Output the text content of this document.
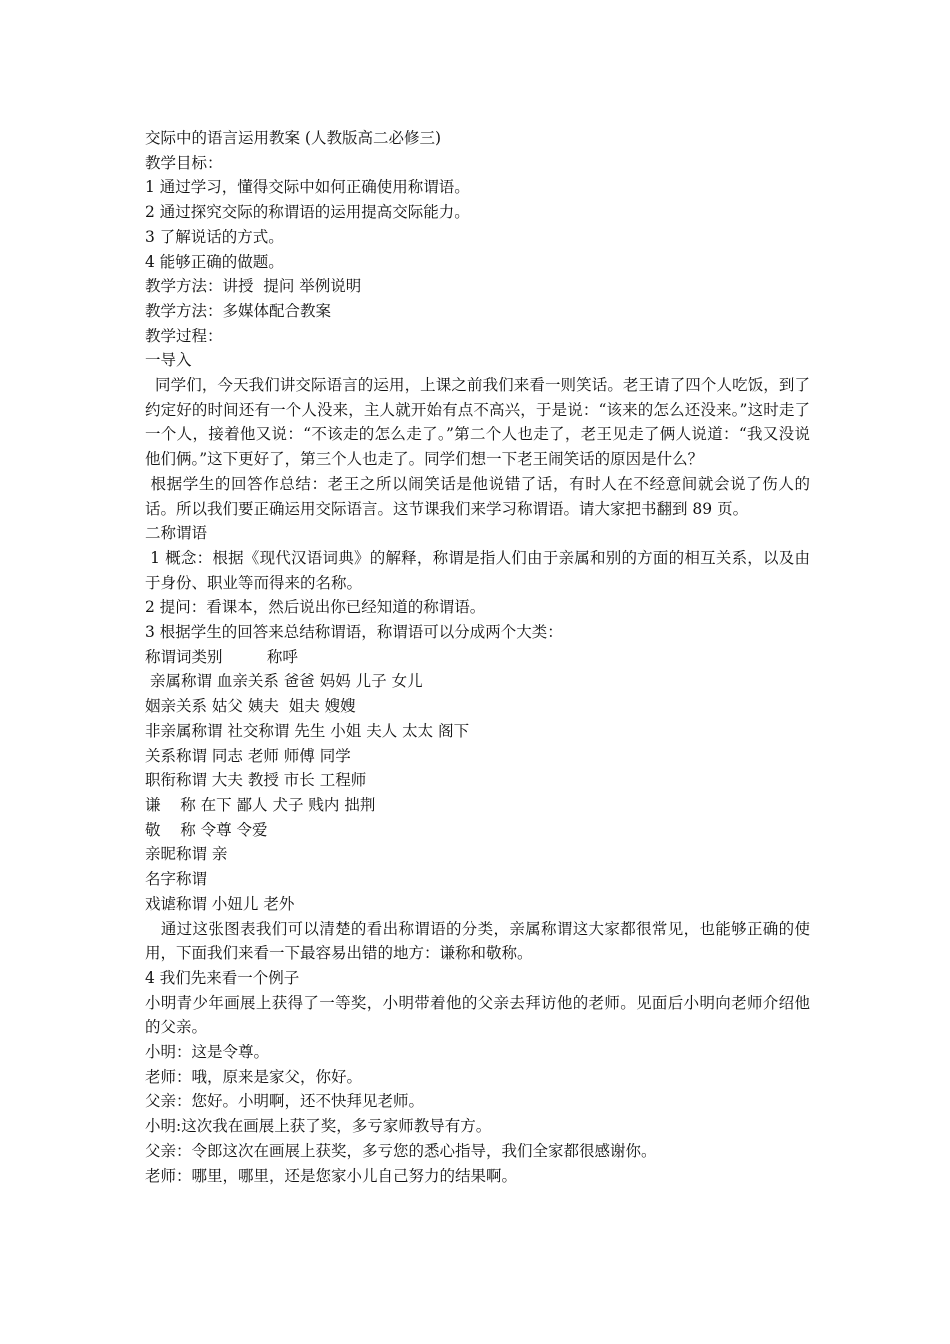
交际中的语言运用教案 (人教版高二必修三)

教学目标：

1 通过学习，懂得交际中如何正确使用称谓语。

2 通过探究交际的称谓语的运用提高交际能力。

3 了解说话的方式。

4 能够正确的做题。

教学方法：讲授  提问 举例说明

教学方法：多媒体配合教案

教学过程：

一导入

同学们，今天我们讲交际语言的运用，上课之前我们来看一则笑话。老王请了四个人吃饭，到了约定好的时间还有一个人没来，主人就开始有点不高兴，于是说：“该来的怎么还没来。”这时走了一个人，接着他又说：“不该走的怎么走了。”第二个人也走了，老王见走了俩人说道：“我又没说他们俩。”这下更好了，第三个人也走了。同学们想一下老王闹笑话的原因是什么？

根据学生的回答作总结：老王之所以闹笑话是他说错了话，有时人在不经意间就会说了伤人的话。所以我们要正确运用交际语言。这节课我们来学习称谓语。请大家把书翻到 89 页。

二称谓语

1 概念：根据《现代汉语词典》的解释，称谓是指人们由于亲属和别的方面的相互关系，以及由于身份、职业等而得来的名称。

2 提问：看课本，然后说出你已经知道的称谓语。

3 根据学生的回答来总结称谓语，称谓语可以分成两个大类：

称谓词类别         称呼

亲属称谓 血亲关系 爸爸 妈妈 儿子 女儿

姻亲关系 姑父 姨夫  姐夫 嫂嫂

非亲属称谓 社交称谓 先生 小姐 夫人 太太 阁下

关系称谓 同志 老师 师傅 同学

职衔称谓 大夫 教授 市长 工程师

谦    称 在下 鄙人 犬子 贱内 拙荆

敬    称 令尊 令爱

亲昵称谓 亲

名字称谓

戏谑称谓 小妞儿 老外

通过这张图表我们可以清楚的看出称谓语的分类，亲属称谓这大家都很常见，也能够正确的使用，下面我们来看一下最容易出错的地方：谦称和敬称。

4 我们先来看一个例子

小明青少年画展上获得了一等奖，小明带着他的父亲去拜访他的老师。见面后小明向老师介绍他的父亲。

小明：这是令尊。

老师：哦，原来是家父，你好。

父亲：您好。小明啊，还不快拜见老师。

小明:这次我在画展上获了奖，多亏家师教导有方。

父亲：令郎这次在画展上获奖，多亏您的悉心指导，我们全家都很感谢你。

老师：哪里，哪里，还是您家小儿自己努力的结果啊。
